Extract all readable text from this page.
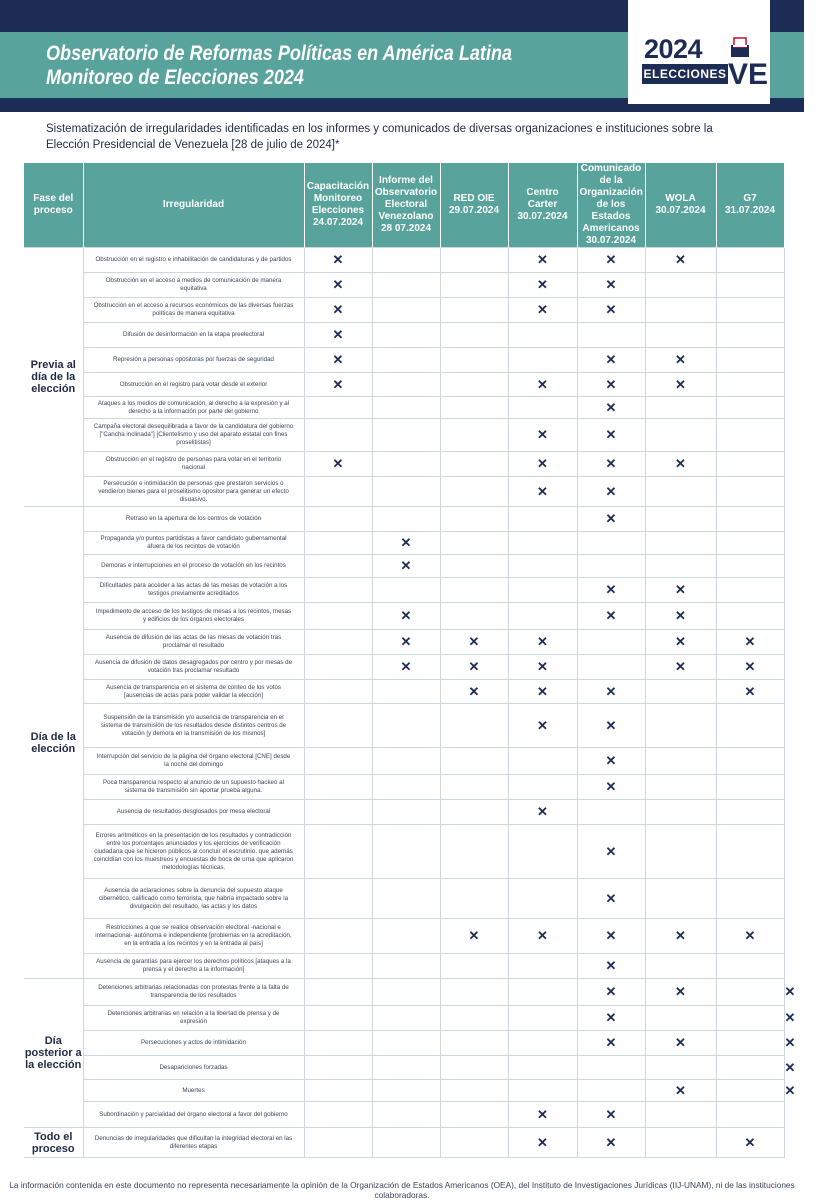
Observatorio de Reformas Políticas en América Latina
Monitoreo de Elecciones 2024
2024
ELECCIONES VE
Sistematización de irregularidades identificadas en los informes y comunicados de diversas organizaciones e instituciones sobre la Elección Presidencial de Venezuela [28 de julio de 2024]*
Fase del proceso	Irregularidad	Capacitación Monitoreo Elecciones 24.07.2024	Informe del Observatorio Electoral Venezolano 28 07.2024	RED OIE 29.07.2024	Centro Carter 30.07.2024	Comunicado de la Organización de los Estados Americanos 30.07.2024	WOLA 30.07.2024	G7 31.07.2024	Foro Penal 31.07.2024I
Previa al día de la elección	Obstrucción en el registro e inhabilitación de candidaturas y de partidos	✕			✕	✕	✕		
	Obstrucción en el acceso a medios de comunicación de manera equitativa	✕			✕	✕			
	Obstrucción en el acceso a recursos económicos de las diversas fuerzas políticas de manera equitativa	✕			✕	✕			
	Difusión de desinformación en la etapa preelectoral	✕							
	Represión a personas opositoras por fuerzas de seguridad	✕				✕	✕		
	Obstrucción en el registro para votar desde el exterior	✕			✕	✕	✕		
	Ataques a los medios de comunicación, al derecho a la expresión y al derecho a la información por parte del gobierno					✕			
	Campaña electoral desequilibrada a favor de la candidatura del gobierno ["Cancha inclinada"] [Clientelismo y uso del aparato estatal con fines proselitistas]				✕	✕			
	Obstrucción en el registro de personas para votar en el territorio nacional	✕			✕	✕	✕		
	Persecución e intimidación de personas que prestaron servicios o vendieron bienes para el proselitismo opositor para generar un efecto disuasivo.				✕	✕			
Día de la elección	Retraso en la apertura de los centros de votación					✕			
	Propaganda y/o puntos partidistas a favor candidato gubernamental afuera de los recintos de votación		✕						
	Demoras e interrupciones en el proceso de votación en los recintos		✕						
	Dificultades para acceder a las actas de las mesas de votación a los testigos previamente acreditados					✕	✕		
	Impedimento de acceso de los testigos de mesas a los recintos, mesas y edificios de los órganos electorales		✕			✕	✕		
	Ausencia de difusión de las actas de las mesas de votación tras proclamar el resultado		✕	✕	✕		✕	✕	
	Ausencia de difusión de datos desagregados por centro y por mesas de votación tras proclamar resultado		✕	✕	✕		✕	✕	
	Ausencia de transparencia en el sistema de conteo de los votos [ausencias de actas para poder validar la elección]			✕	✕	✕		✕	
	Suspensión de la transmisión y/o ausencia de transparencia en el sistema de transmisión de los resultados desde distintos centros de votación [y demora en la transmisión de los mismos]				✕	✕			
	Interrupción del servicio de la página del órgano electoral [CNE] desde la noche del domingo					✕			
	Poca transparencia respecto al anuncio de un supuesto hackeo al sistema de transmisión sin aportar prueba alguna.					✕			
	Ausencia de resultados desglosados por mesa electoral				✕				
	Errores aritméticos en la presentación de los resultados y contradicción entre los porcentajes anunciados y los ejercicios de verificación ciudadana que se hicieron públicos al concluir el escrutinio, que además coincidían con los muestreos y encuestas de boca de urna que aplicaron metodologías técnicas.					✕			
	Ausencia de aclaraciones sobre la denuncia del supuesto ataque cibernético, calificado como terrorista, que habría impactado sobre la divulgación del resultado, las actas y los datos					✕			
	Restricciones a que se realice observación electoral -nacional e internacional- autónoma e independiente [problemas en la acreditación, en la entrada a los recintos y en la entrada al país]			✕	✕	✕	✕	✕	
	Ausencia de garantías para ejercer los derechos políticos [ataques a la prensa y el derecho a la información]					✕			
Día posterior a la elección	Detenciones arbitrarias relacionadas con protestas frente a la falta de transparencia de los resultados					✕	✕		✕
	Detenciones arbitrarias en relación a la libertad de prensa y de expresión					✕			✕
	Persecuciones y actos de intimidación					✕	✕		✕
	Desapariciones forzadas								✕
	Muertes						✕		✕
	Subordinación y parcialidad del órgano electoral a favor del gobierno				✕	✕			
Todo el proceso	Denuncias de irregularidades que dificultan la integridad electoral en las diferentes etapas				✕	✕		✕	
La información contenida en este documento no representa necesariamente la opinión de la Organización de Estados Americanos (OEA), del Instituto de Investigaciones Jurídicas (IIJ-UNAM), ni de las instituciones colaboradoras.
